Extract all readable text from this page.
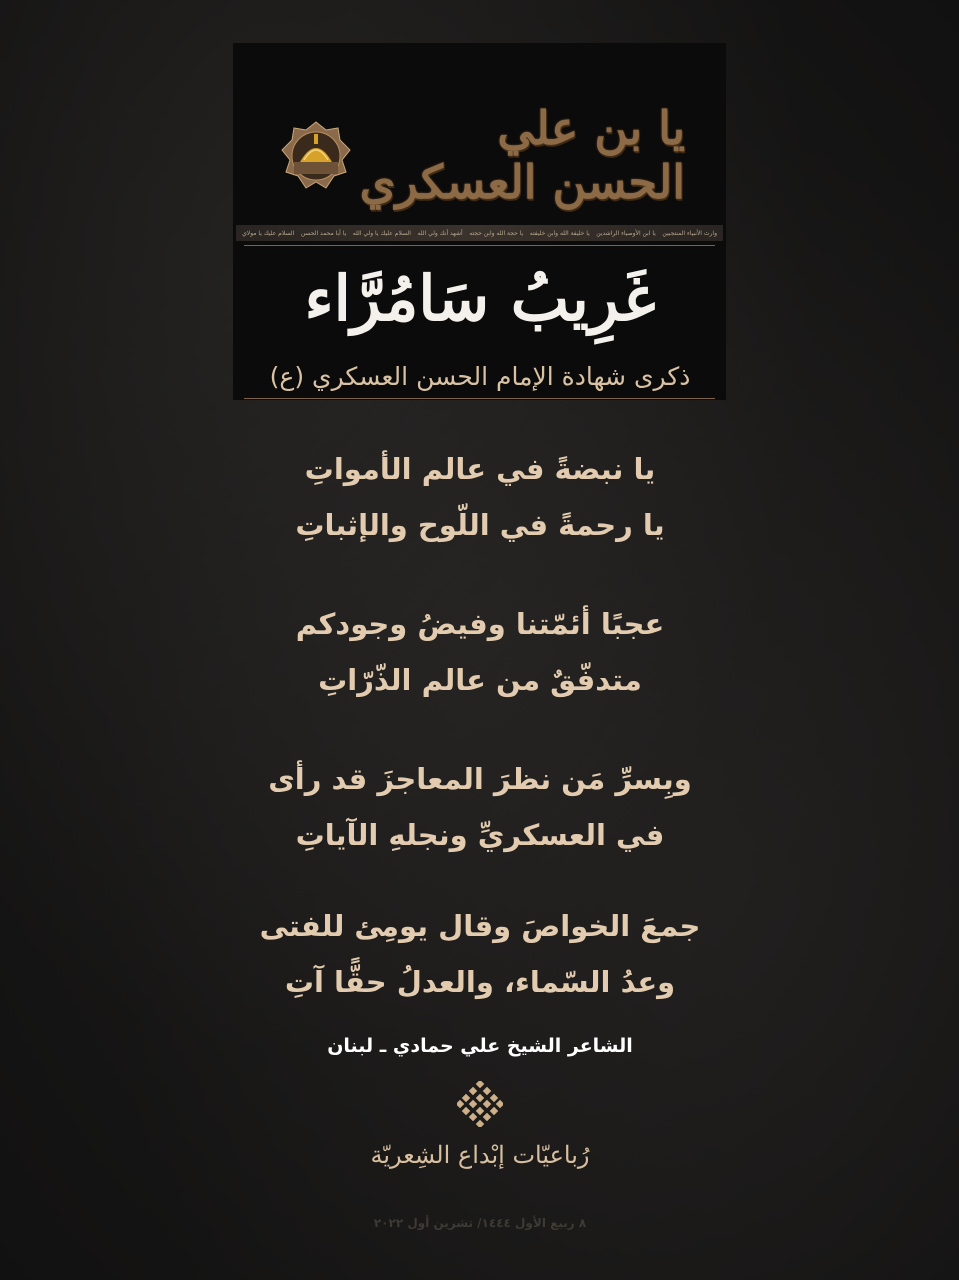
يا بن علي الحسن العسكري
السلام عليك يا مولاي يا أبا محمد الحسن السلام عليك يا ولي الله أشهد أنك ولي الله يا حجة الله وابن حجته يا خليفة الله وابن خليفته يا ابن الأوصياء الراشدين وارث الأنبياء المنتجبين
غَرِيبُ سَامُرَّاء
ذكرى شهادة الإمام الحسن العسكري (ع)
يا نبضةً في عالم الأمواتِ
يا رحمةً في اللّوح والإثباتِ
عجبًا أئمّتنا وفيضُ وجودكم
متدفّقٌ من عالم الذّرّاتِ
وبِسرِّ مَن نظرَ المعاجزَ قد رأى
في العسكريِّ ونجلهِ الآياتِ
جمعَ الخواصَ وقال يومِئ للفتى
وعدُ السّماء، والعدلُ حقًّا آتِ
الشاعر الشيخ علي حمادي ـ لبنان
رُباعيّات إبْداع الشِعريّة
٨ ربيع الأول ١٤٤٤/ تشرين أول ٢٠٢٢
